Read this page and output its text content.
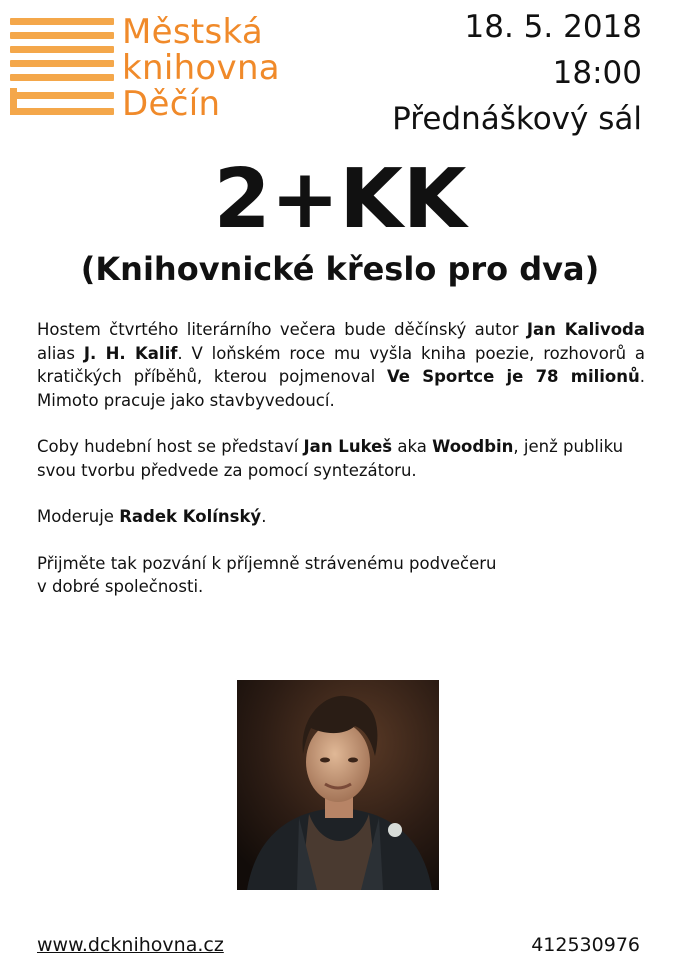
Městská
knihovna
Děčín
18. 5. 2018
18:00
Přednáškový sál
2+KK
(Knihovnické křeslo pro dva)

Hostem čtvrtého literárního večera bude děčínský autor Jan Kalivoda alias J. H. Kalif. V loňském roce mu vyšla kniha poezie, rozhovorů a kratičkých příběhů, kterou pojmenoval Ve Sportce je 78 milionů. Mimoto pracuje jako stavbyvedoucí.

Coby hudební host se představí Jan Lukeš aka Woodbin, jenž publiku svou tvorbu předvede za pomocí syntezátoru.

Moderuje Radek Kolínský.

Přijměte tak pozvání k příjemně strávenému podvečeru
v dobré společnosti.

www.dcknihovna.cz	412530976
